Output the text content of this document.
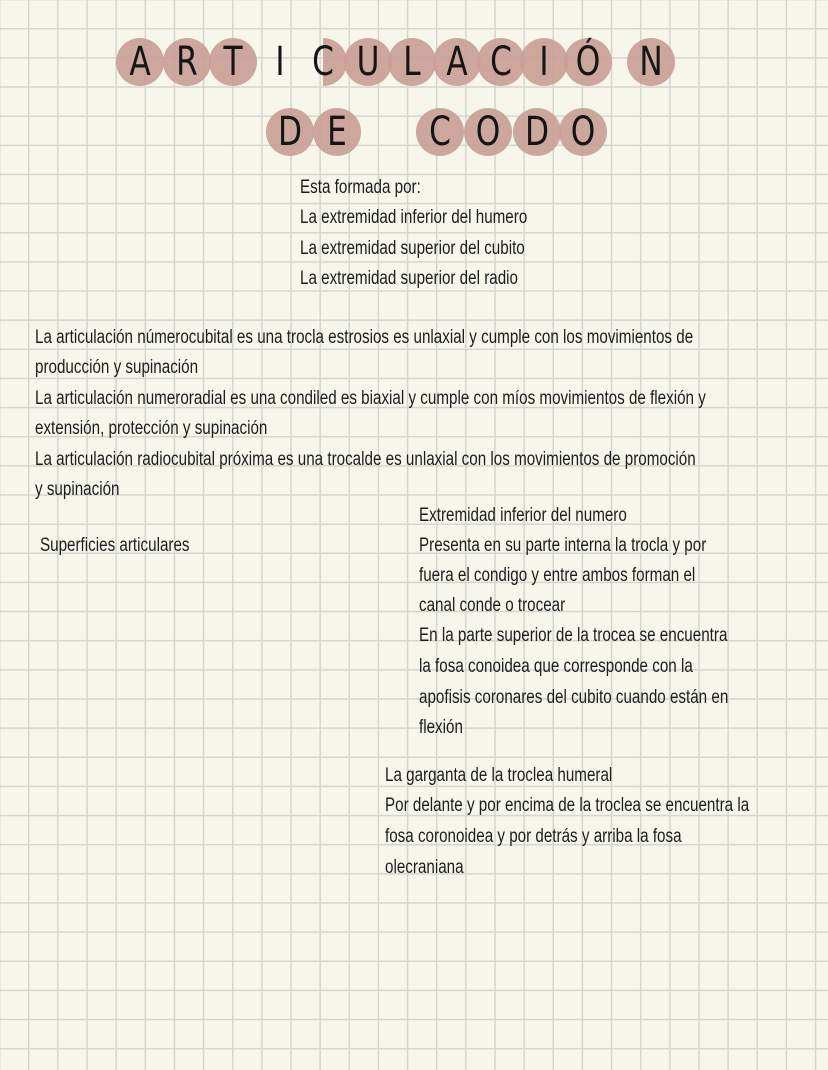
A R T I C U L A C I Ó N
D E C O D O
Esta formada por:
La extremidad inferior del humero
La extremidad superior del cubito
La extremidad superior del radio
La articulación númerocubital es una trocla estrosios es unlaxial y cumple con los movimientos de
producción y supinación
La articulación numeroradial es una condiled es biaxial y cumple con míos movimientos de flexión y
extensión, protección y supinación
La articulación radiocubital próxima es una trocalde es unlaxial con los movimientos de promoción
y supinación
Superficies articulares
Extremidad inferior del numero
Presenta en su parte interna la trocla y por
fuera el condigo y entre ambos forman el
canal conde o trocear
En la parte superior de la trocea se encuentra
la fosa conoidea que corresponde con la
apofisis coronares del cubito cuando están en
flexión
La garganta de la troclea humeral
Por delante y por encima de la troclea se encuentra la
fosa coronoidea y por detrás y arriba la fosa
olecraniana
